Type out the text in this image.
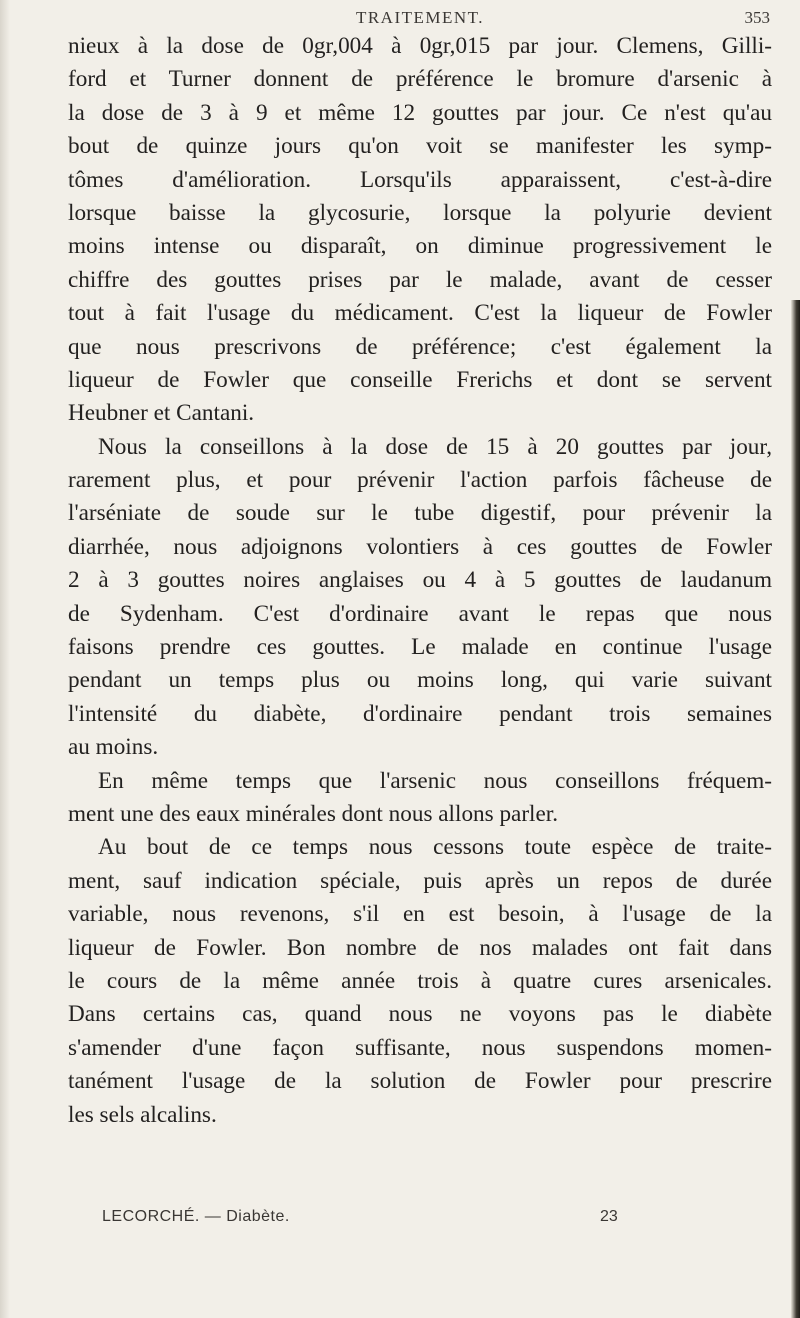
TRAITEMENT.	353
nieux à la dose de 0gr,004 à 0gr,015 par jour. Clemens, Gilli-
ford et Turner donnent de préférence le bromure d'arsenic à
la dose de 3 à 9 et même 12 gouttes par jour. Ce n'est qu'au
bout de quinze jours qu'on voit se manifester les symp-
tômes d'amélioration. Lorsqu'ils apparaissent, c'est-à-dire
lorsque baisse la glycosurie, lorsque la polyurie devient
moins intense ou disparaît, on diminue progressivement le
chiffre des gouttes prises par le malade, avant de cesser
tout à fait l'usage du médicament. C'est la liqueur de Fowler
que nous prescrivons de préférence; c'est également la
liqueur de Fowler que conseille Frerichs et dont se servent
Heubner et Cantani.
Nous la conseillons à la dose de 15 à 20 gouttes par jour,
rarement plus, et pour prévenir l'action parfois fâcheuse de
l'arséniate de soude sur le tube digestif, pour prévenir la
diarrhée, nous adjoignons volontiers à ces gouttes de Fowler
2 à 3 gouttes noires anglaises ou 4 à 5 gouttes de laudanum
de Sydenham. C'est d'ordinaire avant le repas que nous
faisons prendre ces gouttes. Le malade en continue l'usage
pendant un temps plus ou moins long, qui varie suivant
l'intensité du diabète, d'ordinaire pendant trois semaines
au moins.
En même temps que l'arsenic nous conseillons fréquem-
ment une des eaux minérales dont nous allons parler.
Au bout de ce temps nous cessons toute espèce de traite-
ment, sauf indication spéciale, puis après un repos de durée
variable, nous revenons, s'il en est besoin, à l'usage de la
liqueur de Fowler. Bon nombre de nos malades ont fait dans
le cours de la même année trois à quatre cures arsenicales.
Dans certains cas, quand nous ne voyons pas le diabète
s'amender d'une façon suffisante, nous suspendons momen-
tanément l'usage de la solution de Fowler pour prescrire
les sels alcalins.
LECORCHÉ. — Diabète.	23
